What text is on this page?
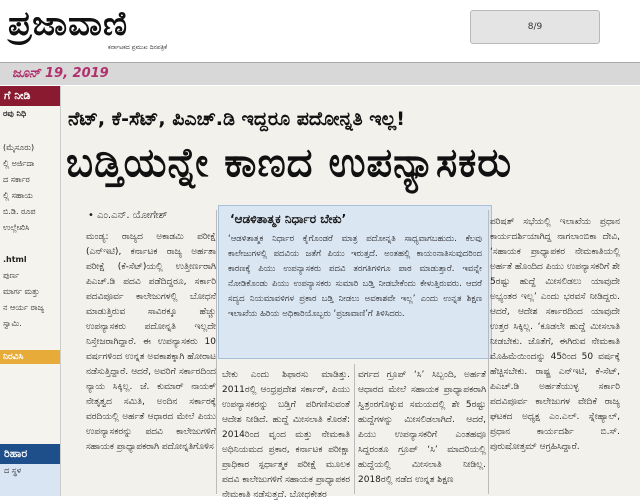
ಪ್ರಜಾವಾಣಿ
ಕರ್ನಾಟಕದ ಪ್ರಮುಖ ದಿನಪತ್ರಿಕೆ
8/9
ಜೂನ್ 19, 2019
ಗೆ ನೀಡಿ
ರವು ನಿಧಿ
(ಮೈಸೂರು)
ಲ್ಲಿ ಅರ್ಜಿದಾ
ದ ಸರ್ಕಾರ
ಲ್ಲಿ ಸಹಾಯ
ಬಿ.ಡಿ. ರೂಪ
ಉಲ್ಲೇಖಿಸಿ
.html
ಪುರ್ಣ
ಮಾರ್ಗ ಮತ್ತು
ನ ಆರ್ಯ ರಾಜ್ಯ
ಸ್ವಾಮಿ.
ನಿರವಿಸಿ
ರಿಹಾರ
ದ ಸ್ಥಳ
ನೆಟ್, ಕೆ-ಸೆಟ್, ಪಿಎಚ್.ಡಿ ಇದ್ದರೂ ಪದೋನ್ನತಿ ಇಲ್ಲ!
ಬಡ್ತಿಯನ್ನೇ ಕಾಣದ ಉಪನ್ಯಾಸಕರು
• ಎಂ.ಎನ್. ಯೋಗೇಶ್
ಮಂಡ್ಯ: ರಾಜ್ಯದ ಅಕಾಡಮಿ ಪರೀಕ್ಷೆ (ಎನ್‌ಇಟಿ), ಕರ್ನಾಟಕ ರಾಜ್ಯ ಅರ್ಹತಾ ಪರೀಕ್ಷೆ (ಕೆ-ಸೆಟ್)ಯಲ್ಲಿ ಉತ್ತೀರ್ಣರಾಗಿ ಪಿಎಚ್.ಡಿ ಪದವಿ ಪಡೆದಿದ್ದರೂ, ಸರ್ಕಾರಿ ಪದವಿಪೂರ್ವ ಕಾಲೇಜುಗಳಲ್ಲಿ ಬೋಧನೆ ಮಾಡುತ್ತಿರುವ ಸಾವಿರಕ್ಕೂ ಹೆಚ್ಚು ಉಪನ್ಯಾಸಕರು ಪದೋನ್ನತಿ ಇಲ್ಲದೇ ನಿಸ್ತೇಜರಾಗಿದ್ದಾರೆ. ಈ ಉಪನ್ಯಾಸಕರು 10 ವರ್ಷಗಳಿಂದ ಉನ್ನತ ಅವಕಾಶಕ್ಕಾಗಿ ಹೋರಾಟ ನಡೆಸುತ್ತಿದ್ದಾರೆ. ಆದರೆ, ಅವರಿಗೆ ಸರ್ಕಾರದಿಂದ ನ್ಯಾಯ ಸಿಕ್ಕಿಲ್ಲ. ಜೆ. ಕುಮಾರ್ ನಾಯಕ್ ನೇತೃತ್ವದ ಸಮಿತಿ, ಅಂದಿನ ಸರ್ಕಾರಕ್ಕೆ ವರದಿಯಲ್ಲಿ ಅರ್ಹತೆ ಆಧಾರದ ಮೇಲೆ ಪಿಯು ಉಪನ್ಯಾಸಕರನ್ನು ಪದವಿ ಕಾಲೇಜುಗಳಿಗೆ ಸಹಾಯಕ ಪ್ರಾಧ್ಯಾಪಕರಾಗಿ ಪದೋನ್ನತಿಗೊಳಿಸ
‘ಆಡಳಿತಾತ್ಮಕ ನಿರ್ಧಾರ ಬೇಕು’
‘ಆಡಳಿತಾತ್ಮಕ ನಿರ್ಧಾರ ಕೈಗೊಂಡರೆ ಮಾತ್ರ ಪದೋನ್ನತಿ ಸಾಧ್ಯವಾಗಬಹುದು. ಕೆಲವು ಕಾಲೇಜುಗಳಲ್ಲಿ ಪದವಿಯ ಜತೆಗೆ ಪಿಯು ಇರುತ್ತದೆ. ಅಂತಹಲ್ಲಿ ಕಾಯಂನಾತಿಸುವುದರಿಂದ ಕಾರಣಕ್ಕೆ ಪಿಯು ಉಪನ್ಯಾಸಕರು ಪದವಿ ತರಗತಿಗಳಿಗೂ ಪಾಠ ಮಾಡುತ್ತಾರೆ. ಇವನ್ನೇ ನೋಡಿಕೊಂಡು ಪಿಯು ಉಪನ್ಯಾಸಕರು ಸುಮಾರಿ ಬಡ್ತಿ ನೀಡಬೇಕೆಂದು ಕೇಳುತ್ತಿರುವರು. ಆದರೆ ಸದ್ಯದ ನಿಯಮಾವಳಿಗಳ ಪ್ರಕಾರ ಬಡ್ತಿ ನೀಡಲು ಅವಕಾಶವೇ ಇಲ್ಲ’ ಎಂದು ಉನ್ನತ ಶಿಕ್ಷಣ ಇಲಾಖೆಯ ಹಿರಿಯ ಅಧಿಕಾರಿಯೊಬ್ಬರು ‘ಪ್ರಜಾವಾಣಿ’ಗೆ ತಿಳಿಸಿದರು.
ಬೇಕು ಎಂದು ಶಿಫಾರಸು ಮಾಡಿತ್ತು. 2011ರಲ್ಲಿ ಆಂಧ್ರಪ್ರದೇಶ ಸರ್ಕಾರ್, ಪಿಯು ಉಪನ್ಯಾಸಕರನ್ನು ಬಡ್ತಿಗೆ ಪರಿಗಣಿಸುವಂತೆ ಆದೇಶ ನೀಡಿದೆ. ಹುದ್ದೆ ಮೀಸಲಾತಿ ಕೊರತೆ: 2014ರಿಂದ ವೃಂದ ಮತ್ತು ನೇಮಕಾತಿ ಅಧಿನಿಯಮದ ಪ್ರಕಾರ, ಕರ್ನಾಟಕ ಪರೀಕ್ಷಾ ಪ್ರಾಧಿಕಾರ ಸ್ಪರ್ಧಾತ್ಮಕ ಪರೀಕ್ಷೆ ಮೂಲಕ ಪದವಿ ಕಾಲೇಜುಗಳಿಗೆ ಸಹಾಯಕ ಪ್ರಾಧ್ಯಾಪಕರ ನೇಮಕಾತಿ ನಡೆಸುತ್ತದೆ. ಬೋಧಕೇತರ
ವರ್ಗದ ಗ್ರೂಪ್ ‘ಸಿ’ ಸಿಬ್ಬಂದಿ, ಅರ್ಹತೆ ಆಧಾರದ ಮೇಲೆ ಸಹಾಯಕ ಪ್ರಾಧ್ಯಾಪಕರಾಗಿ ಸ್ವಿತ್ರಂರಗೊಳ್ಳುವ ಸಮಯದಲ್ಲಿ ಶೇ 5ರಷ್ಟು ಹುದ್ದೆಗಳನ್ನು ಮೀಸಲಿಡಲಾಗಿದೆ. ಆದರೆ, ಪಿಯು ಉಪನ್ಯಾಸಕರಿಗೆ ಎಂತಹವೂ ಸಿದ್ದರಂತೂ ಗ್ರೂಪ್ ‘ಸಿ’ ಮಾದರಿಯಲ್ಲಿ ಹುದ್ದೆಯಲ್ಲಿ ಮೀಸಲಾತಿ ನೀಡಿಲ್ಲ. 2018ರಲ್ಲಿ ನಡೆದ ಉನ್ನತ ಶಿಕ್ಷಣ
ಪರಿಷತ್ ಸಭೆಯಲ್ಲಿ ಇಲಾಖೆಯ ಪ್ರಧಾನ ಕಾರ್ಯದರ್ಶಿಯಾಗಿದ್ದ ನಾಗಲಾಂಬಿಕಾ ದೇವಿ, ‘ಸಹಾಯಕ ಪ್ರಾಧ್ಯಾಪಕರ ನೇಮಕಾತಿಯಲ್ಲಿ ಅರ್ಹತೆ ಹೊಂದಿದ ಪಿಯು ಉಪನ್ಯಾಸಕರಿಗೆ ಶೇ 5ರಷ್ಟು ಹುದ್ದೆ ಮೀಸಲಿಡಲು ಯಾವುದೇ ಅಭ್ಯಂತರ ಇಲ್ಲ’ ಎಂದು ಭರವಸೆ ನೀಡಿದ್ದರು. ಆದರೆ, ಆದೇಶ ಸರ್ಕಾರದಿಂದ ಯಾವುದೇ ಉತ್ತರ ಸಿಕ್ಕಿಲ್ಲ. ‘ಕೂಡಲೇ ಹುದ್ದೆ ಮೀಸಲಾತಿ ನೀಡಬೇಕು. ಜೊತೆಗೆ, ಈಗಿರುವ ನೇಮಕಾತಿ ಮೊಹಿಮೆಯಿಂದನ್ನು 45ರಿಂದ 50 ವರ್ಷಕ್ಕೆ ಹೆಚ್ಚಿಸಬೇಕು. ರಾಷ್ಟ್ರ ಎನ್‌ಇಟಿ, ಕೆ-ಸೆಟ್, ಪಿಎಚ್.ಡಿ ಅರ್ಹತೆಯುಳ್ಳ ಸರ್ಕಾರಿ ಪದವಿಪೂರ್ವ ಕಾಲೇಜುಗಳ ವೇದಿಕೆ ರಾಜ್ಯ ಘಟಕದ ಅಧ್ಯಕ್ಷ ಎಂ.ಎಲ್. ಸ್ನೇಹ್ಯಾಲ್, ಪ್ರಧಾನ ಕಾರ್ಯದರ್ಶಿ ಬಿ.ಸ್. ಪುರುಷೋತ್ತಮ್ ಆಗ್ರಹಿಸಿದ್ದಾರೆ.
